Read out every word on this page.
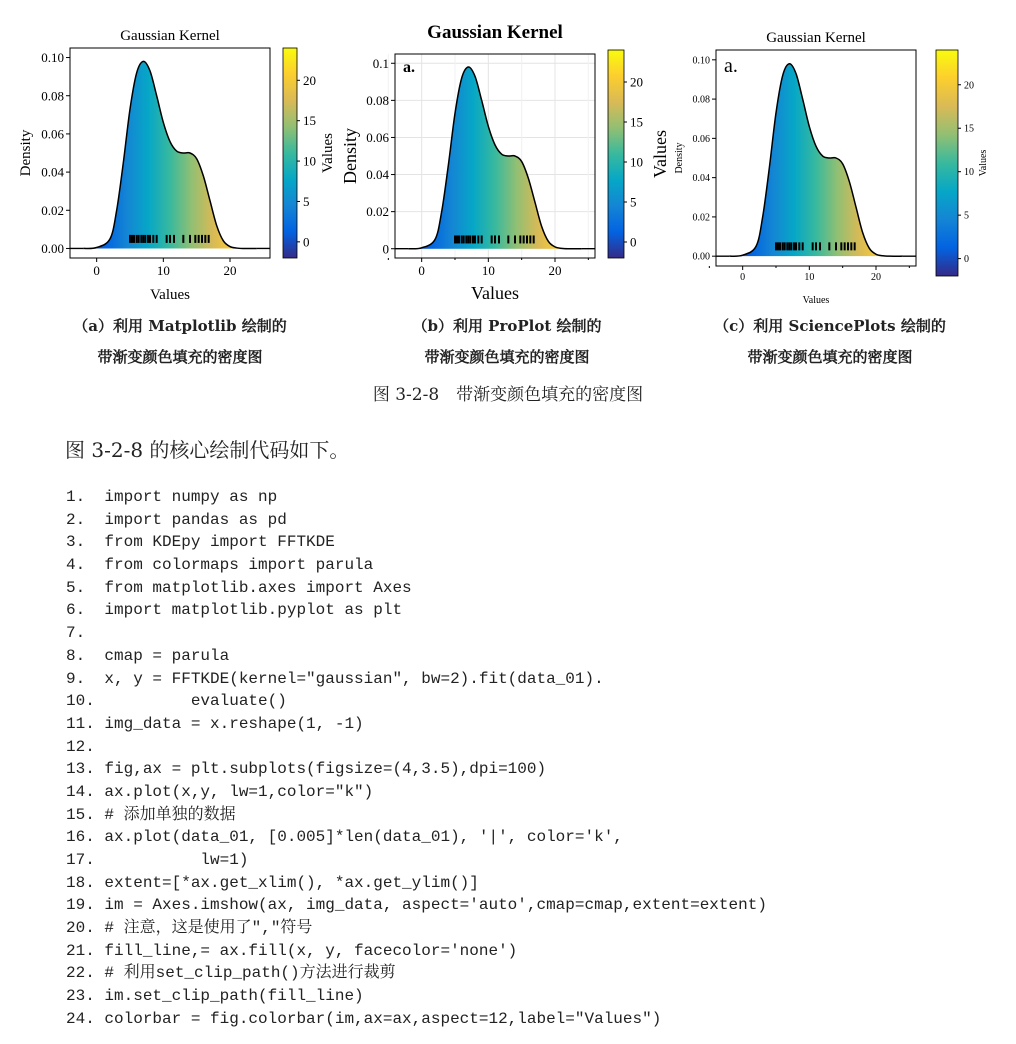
0	10	20
0.00
0.02
0.04
0.06
0.08
0.10
Gaussian Kernel
Values
Density
0
5
10
15
20
Values
0	10	20
0
0.02
0.04
0.06
0.08
0.1
Gaussian Kernel
Values
Density
a.
0
5
10
15
20
Values
0	10	20
0.00
0.02
0.04
0.06
0.08
0.10
Gaussian Kernel
Values
Density
a.
0
5
10
15
20
Values
（a）利用 Matplotlib 绘制的
带渐变颜色填充的密度图
（b）利用 ProPlot 绘制的
带渐变颜色填充的密度图
（c）利用 SciencePlots 绘制的
带渐变颜色填充的密度图
图 3-2-8　带渐变颜色填充的密度图
图 3-2-8 的核心绘制代码如下。
1.  import numpy as np
2.  import pandas as pd
3.  from KDEpy import FFTKDE
4.  from colormaps import parula
5.  from matplotlib.axes import Axes
6.  import matplotlib.pyplot as plt
7.
8.  cmap = parula
9.  x, y = FFTKDE(kernel="gaussian", bw=2).fit(data_01).
10.          evaluate()
11. img_data = x.reshape(1, -1)
12.
13. fig,ax = plt.subplots(figsize=(4,3.5),dpi=100)
14. ax.plot(x,y, lw=1,color="k")
15. # 添加单独的数据
16. ax.plot(data_01, [0.005]*len(data_01), '|', color='k',
17.           lw=1)
18. extent=[*ax.get_xlim(), *ax.get_ylim()]
19. im = Axes.imshow(ax, img_data, aspect='auto',cmap=cmap,extent=extent)
20. # 注意，这是使用了","符号
21. fill_line,= ax.fill(x, y, facecolor='none')
22. # 利用set_clip_path()方法进行裁剪
23. im.set_clip_path(fill_line)
24. colorbar = fig.colorbar(im,ax=ax,aspect=12,label="Values")
